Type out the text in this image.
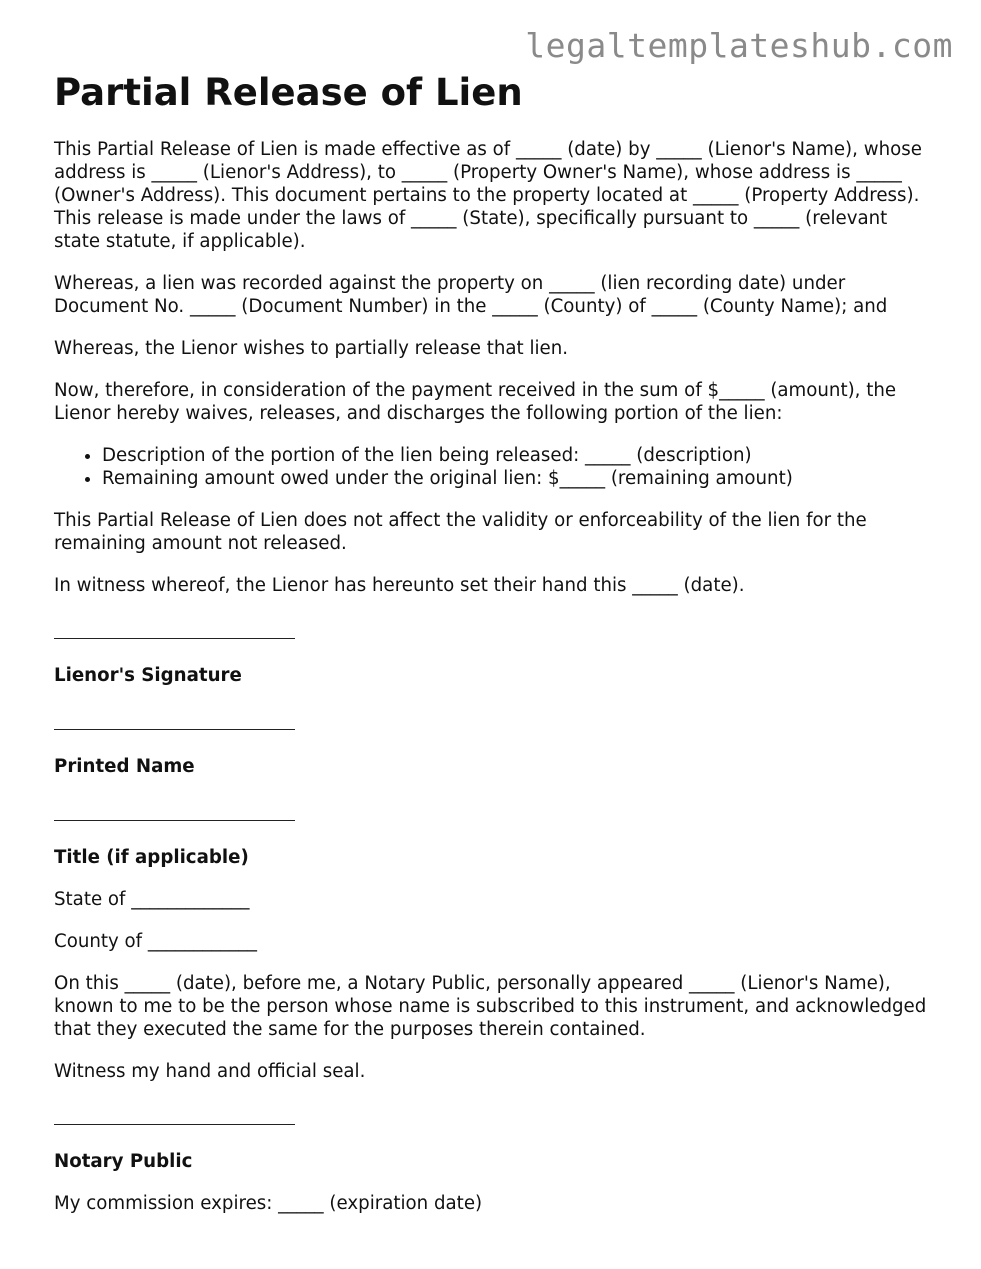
legaltemplateshub.com
Partial Release of Lien

This Partial Release of Lien is made effective as of _____ (date) by _____ (Lienor's Name), whose address is _____ (Lienor's Address), to _____ (Property Owner's Name), whose address is _____ (Owner's Address). This document pertains to the property located at _____ (Property Address). This release is made under the laws of _____ (State), specifically pursuant to _____ (relevant state statute, if applicable).

Whereas, a lien was recorded against the property on _____ (lien recording date) under Document No. _____ (Document Number) in the _____ (County) of _____ (County Name); and

Whereas, the Lienor wishes to partially release that lien.

Now, therefore, in consideration of the payment received in the sum of $_____ (amount), the Lienor hereby waives, releases, and discharges the following portion of the lien:

• Description of the portion of the lien being released: _____ (description)
• Remaining amount owed under the original lien: $_____ (remaining amount)

This Partial Release of Lien does not affect the validity or enforceability of the lien for the remaining amount not released.

In witness whereof, the Lienor has hereunto set their hand this _____ (date).

Lienor's Signature

Printed Name

Title (if applicable)

State of _____________

County of ____________

On this _____ (date), before me, a Notary Public, personally appeared _____ (Lienor's Name), known to me to be the person whose name is subscribed to this instrument, and acknowledged that they executed the same for the purposes therein contained.

Witness my hand and official seal.

Notary Public

My commission expires: _____ (expiration date)
